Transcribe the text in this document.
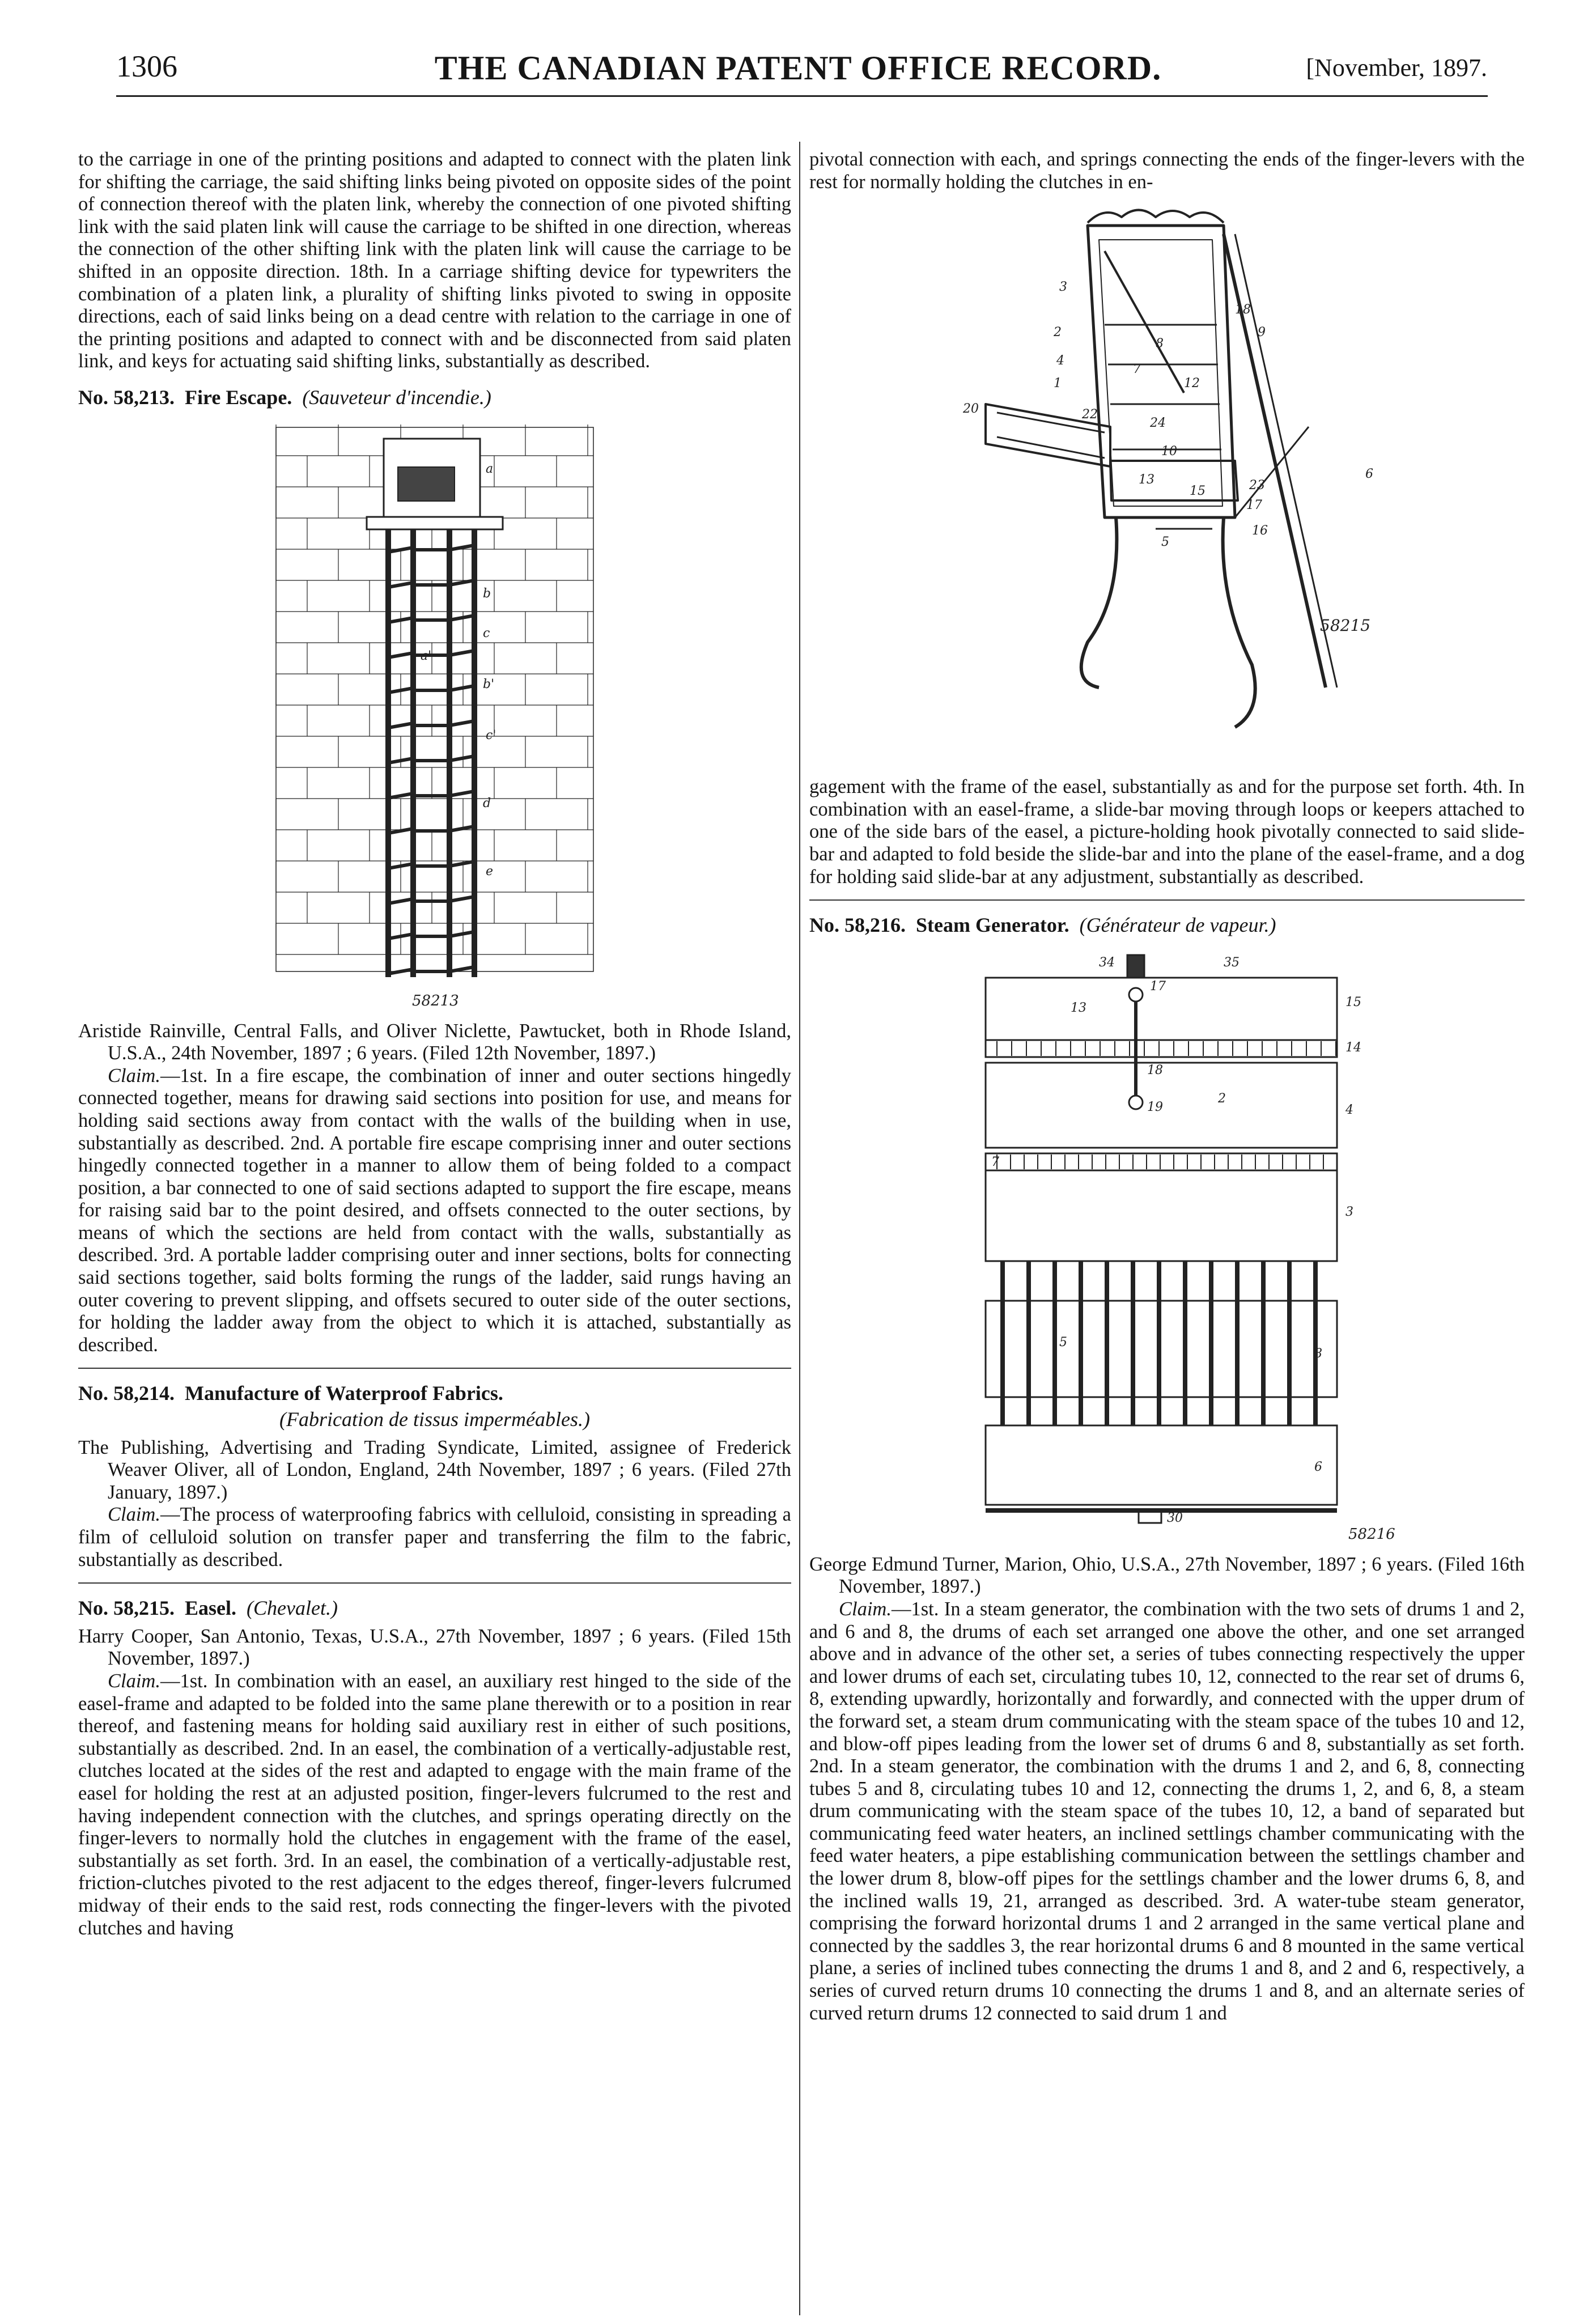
1306	THE CANADIAN PATENT OFFICE RECORD.	[November, 1897.

to the carriage in one of the printing positions and adapted to connect with the platen link for shifting the carriage, the said shifting links being pivoted on opposite sides of the point of connection thereof with the platen link, whereby the connection of one pivoted shifting link with the said platen link will cause the carriage to be shifted in one direction, whereas the connection of the other shifting link with the platen link will cause the carriage to be shifted in an opposite direction. 18th. In a carriage shifting device for typewriters the combination of a platen link, a plurality of shifting links pivoted to swing in opposite directions, each of said links being on a dead centre with relation to the carriage in one of the printing positions and adapted to connect with and be disconnected from said platen link, and keys for actuating said shifting links, substantially as described.

No. 58,213. Fire Escape. (Sauveteur d'incendie.)
a
b
c
a'
b'
c'
d
e
58213

Aristide Rainville, Central Falls, and Oliver Niclette, Pawtucket, both in Rhode Island, U.S.A., 24th November, 1897 ; 6 years. (Filed 12th November, 1897.)

Claim.—1st. In a fire escape, the combination of inner and outer sections hingedly connected together, means for drawing said sections into position for use, and means for holding said sections away from contact with the walls of the building when in use, substantially as described. 2nd. A portable fire escape comprising inner and outer sections hingedly connected together in a manner to allow them of being folded to a compact position, a bar connected to one of said sections adapted to support the fire escape, means for raising said bar to the point desired, and offsets connected to the outer sections, by means of which the sections are held from contact with the walls, substantially as described. 3rd. A portable ladder comprising outer and inner sections, bolts for connecting said sections together, said bolts forming the rungs of the ladder, said rungs having an outer covering to prevent slipping, and offsets secured to outer side of the outer sections, for holding the ladder away from the object to which it is attached, substantially as described.

No. 58,214. Manufacture of Waterproof Fabrics.
(Fabrication de tissus imperméables.)

The Publishing, Advertising and Trading Syndicate, Limited, assignee of Frederick Weaver Oliver, all of London, England, 24th November, 1897 ; 6 years. (Filed 27th January, 1897.)

Claim.—The process of waterproofing fabrics with celluloid, consisting in spreading a film of celluloid solution on transfer paper and transferring the film to the fabric, substantially as described.

No. 58,215. Easel. (Chevalet.)

Harry Cooper, San Antonio, Texas, U.S.A., 27th November, 1897 ; 6 years. (Filed 15th November, 1897.)

Claim.—1st. In combination with an easel, an auxiliary rest hinged to the side of the easel-frame and adapted to be folded into the same plane therewith or to a position in rear thereof, and fastening means for holding said auxiliary rest in either of such positions, substantially as described. 2nd. In an easel, the combination of a vertically-adjustable rest, clutches located at the sides of the rest and adapted to engage with the main frame of the easel for holding the rest at an adjusted position, finger-levers fulcrumed to the rest and having independent connection with the clutches, and springs operating directly on the finger-levers to normally hold the clutches in engagement with the frame of the easel, substantially as set forth. 3rd. In an easel, the combination of a vertically-adjustable rest, friction-clutches pivoted to the rest adjacent to the edges thereof, finger-levers fulcrumed midway of their ends to the said rest, rods connecting the finger-levers with the pivoted clutches and having

pivotal connection with each, and springs connecting the ends of the finger-levers with the rest for normally holding the clutches in en-

3
2
1
4
7
8
9
10
12
13
15
16
17
18
20	22
23
24
5
6
58215

gagement with the frame of the easel, substantially as and for the purpose set forth. 4th. In combination with an easel-frame, a slide-bar moving through loops or keepers attached to one of the side bars of the easel, a picture-holding hook pivotally connected to said slide-bar and adapted to fold beside the slide-bar and into the plane of the easel-frame, and a dog for holding said slide-bar at any adjustment, substantially as described.

No. 58,216. Steam Generator. (Générateur de vapeur.)
34	35
13
17
15
18
19
14
2
4
7
3
5
6
8
30
58216

George Edmund Turner, Marion, Ohio, U.S.A., 27th November, 1897 ; 6 years. (Filed 16th November, 1897.)

Claim.—1st. In a steam generator, the combination with the two sets of drums 1 and 2, and 6 and 8, the drums of each set arranged one above the other, and one set arranged above and in advance of the other set, a series of tubes connecting respectively the upper and lower drums of each set, circulating tubes 10, 12, connected to the rear set of drums 6, 8, extending upwardly, horizontally and forwardly, and connected with the upper drum of the forward set, a steam drum communicating with the steam space of the tubes 10 and 12, and blow-off pipes leading from the lower set of drums 6 and 8, substantially as set forth. 2nd. In a steam generator, the combination with the drums 1 and 2, and 6, 8, connecting tubes 5 and 8, circulating tubes 10 and 12, connecting the drums 1, 2, and 6, 8, a steam drum communicating with the steam space of the tubes 10, 12, a band of separated but communicating feed water heaters, an inclined settlings chamber communicating with the feed water heaters, a pipe establishing communication between the settlings chamber and the lower drum 8, blow-off pipes for the settlings chamber and the lower drums 6, 8, and the inclined walls 19, 21, arranged as described. 3rd. A water-tube steam generator, comprising the forward horizontal drums 1 and 2 arranged in the same vertical plane and connected by the saddles 3, the rear horizontal drums 6 and 8 mounted in the same vertical plane, a series of inclined tubes connecting the drums 1 and 8, and 2 and 6, respectively, a series of curved return drums 10 connecting the drums 1 and 8, and an alternate series of curved return drums 12 connected to said drum 1 and
